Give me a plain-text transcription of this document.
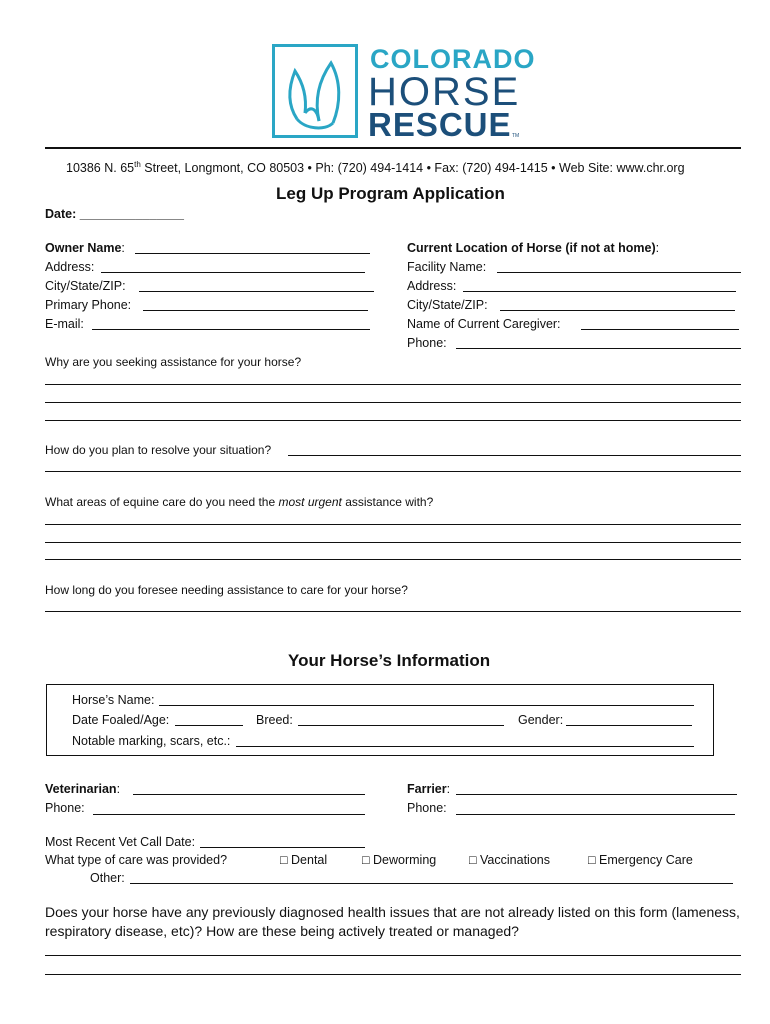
COLORADO
HORSE
RESCUE TM
10386 N. 65th Street, Longmont, CO 80503 • Ph: (720) 494-1414 • Fax: (720) 494-1415 • Web Site: www.chr.org
Leg Up Program Application
Date: _______________
Owner Name:
Address:
City/State/ZIP:
Primary Phone:
E-mail:
Current Location of Horse (if not at home):
Facility Name:
Address:
City/State/ZIP:
Name of Current Caregiver:
Phone:
Why are you seeking assistance for your horse?
How do you plan to resolve your situation?
What areas of equine care do you need the most urgent assistance with?
How long do you foresee needing assistance to care for your horse?
Your Horse’s Information
Horse’s Name:
Date Foaled/Age:	Breed:	Gender:
Notable marking, scars, etc.:
Veterinarian:
Phone:
Farrier:
Phone:
Most Recent Vet Call Date:
What type of care was provided?	□ Dental	□ Deworming	□ Vaccinations	□ Emergency Care
Other:
Does your horse have any previously diagnosed health issues that are not already listed on this form (lameness,
respiratory disease, etc)? How are these being actively treated or managed?
